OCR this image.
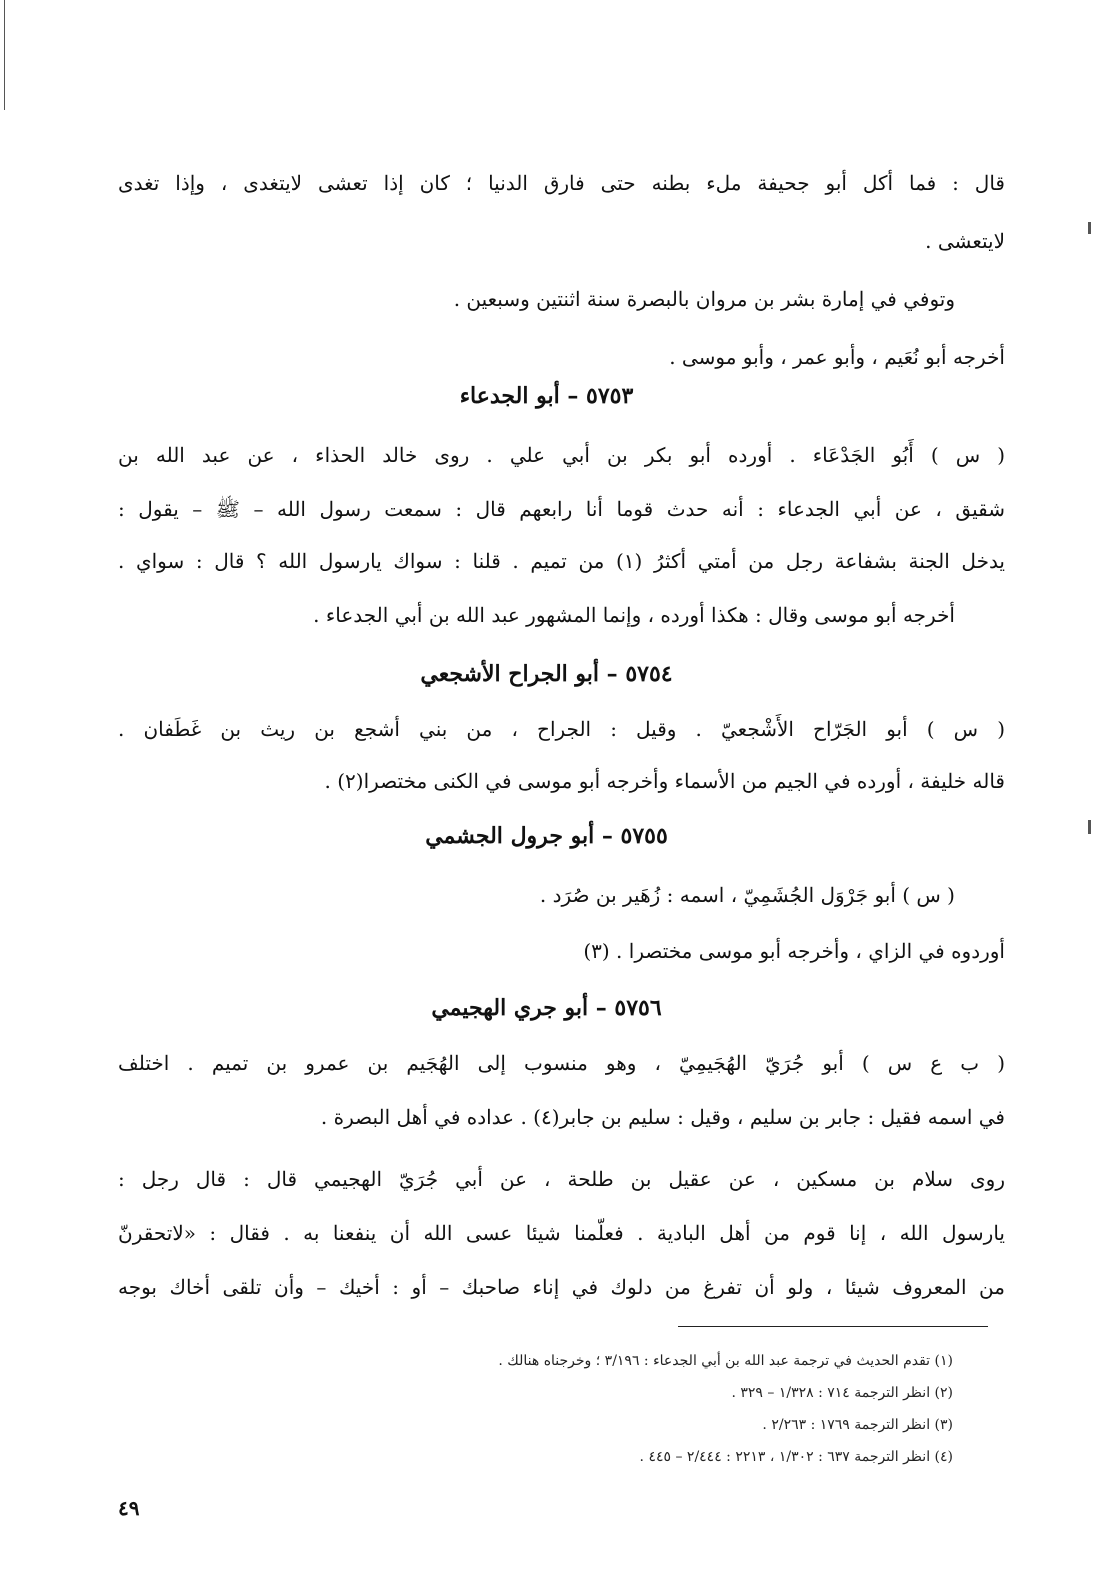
قال : فما أكل أبو جحيفة ملء بطنه حتى فارق الدنيا ؛ كان إذا تعشى لايتغدى ، وإذا تغدى
لايتعشى .
وتوفي في إمارة بشر بن مروان بالبصرة سنة اثنتين وسبعين .
أخرجه أبو نُعَيم ، وأبو عمر ، وأبو موسى .
٥٧٥٣ – أبو الجدعاء
( س ) أَبُو الجَدْعَاء . أورده أبو بكر بن أبي علي . روى خالد الحذاء ، عن عبد الله بن
شقيق ، عن أبي الجدعاء : أنه حدث قوما أنا رابعهم قال : سمعت رسول الله – ﷺ – يقول :
يدخل الجنة بشفاعة رجل من أمتي أكثرُ (١) من تميم . قلنا : سواك يارسول الله ؟ قال : سواي .
أخرجه أبو موسى وقال : هكذا أورده ، وإنما المشهور عبد الله بن أبي الجدعاء .
٥٧٥٤ – أبو الجراح الأشجعي
( س ) أبو الجَرّاح الأَشْجعيّ . وقيل : الجراح ، من بني أشجع بن ريث بن غَطَفان .
قاله خليفة ، أورده في الجيم من الأسماء وأخرجه أبو موسى في الكنى مختصرا(٢) .
٥٧٥٥ – أبو جرول الجشمي
( س ) أبو جَرْوَل الجُشَمِيّ ، اسمه : زُهَير بن صُرَد .
أوردوه في الزاي ، وأخرجه أبو موسى مختصرا . (٣)
٥٧٥٦ – أبو جري الهجيمي
( ب ع س ) أبو جُرَيّ الهُجَيمِيّ ، وهو منسوب إلى الهُجَيم بن عمرو بن تميم . اختلف
في اسمه فقيل : جابر بن سليم ، وقيل : سليم بن جابر(٤) . عداده في أهل البصرة .
روى سلام بن مسكين ، عن عقيل بن طلحة ، عن أبي جُرَيّ الهجيمي قال : قال رجل :
يارسول الله ، إنا قوم من أهل البادية . فعلّمنا شيئا عسى الله أن ينفعنا به . فقال : «لاتحقرنّ
من المعروف شيئا ، ولو أن تفرغ من دلوك في إناء صاحبك – أو : أخيك – وأن تلقى أخاك بوجه
(١) تقدم الحديث في ترجمة عبد الله بن أبي الجدعاء : ٣/١٩٦ ؛ وخرجناه هنالك .
(٢) انظر الترجمة ٧١٤ : ١/٣٢٨ – ٣٢٩ .
(٣) انظر الترجمة ١٧٦٩ : ٢/٢٦٣ .
(٤) انظر الترجمة ٦٣٧ : ١/٣٠٢ ، ٢٢١٣ : ٢/٤٤٤ – ٤٤٥ .
٤٩
